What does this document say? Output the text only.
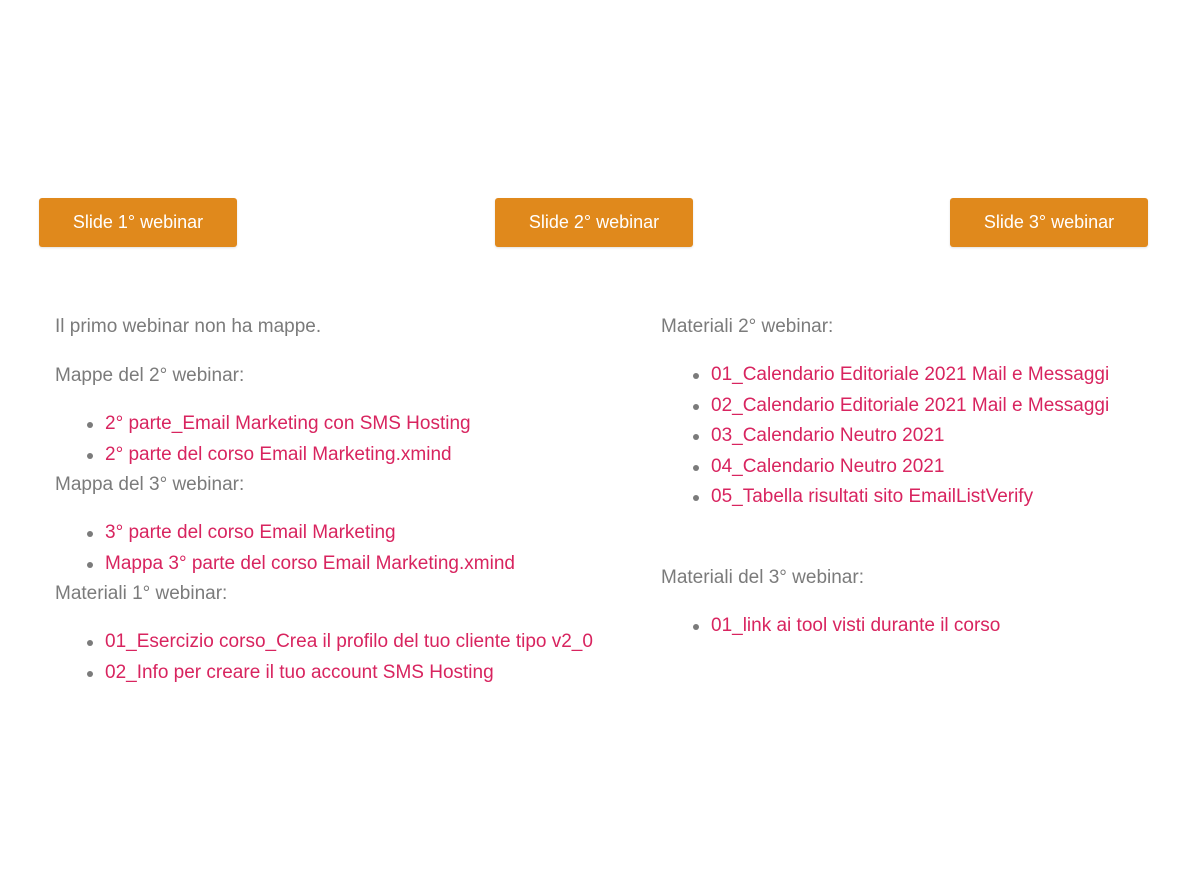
Slide 1° webinar	Slide 2° webinar	Slide 3° webinar

Il primo webinar non ha mappe.

Mappe del 2° webinar:

2° parte_Email Marketing con SMS Hosting
2° parte del corso Email Marketing.xmind

Mappa del 3° webinar:

3° parte del corso Email Marketing
Mappa 3° parte del corso Email Marketing.xmind

Materiali 1° webinar:

01_Esercizio corso_Crea il profilo del tuo cliente tipo v2_0
02_Info per creare il tuo account SMS Hosting

Materiali 2° webinar:

01_Calendario Editoriale 2021 Mail e Messaggi
02_Calendario Editoriale 2021 Mail e Messaggi
03_Calendario Neutro 2021
04_Calendario Neutro 2021
05_Tabella risultati sito EmailListVerify

Materiali del 3° webinar:

01_link ai tool visti durante il corso
